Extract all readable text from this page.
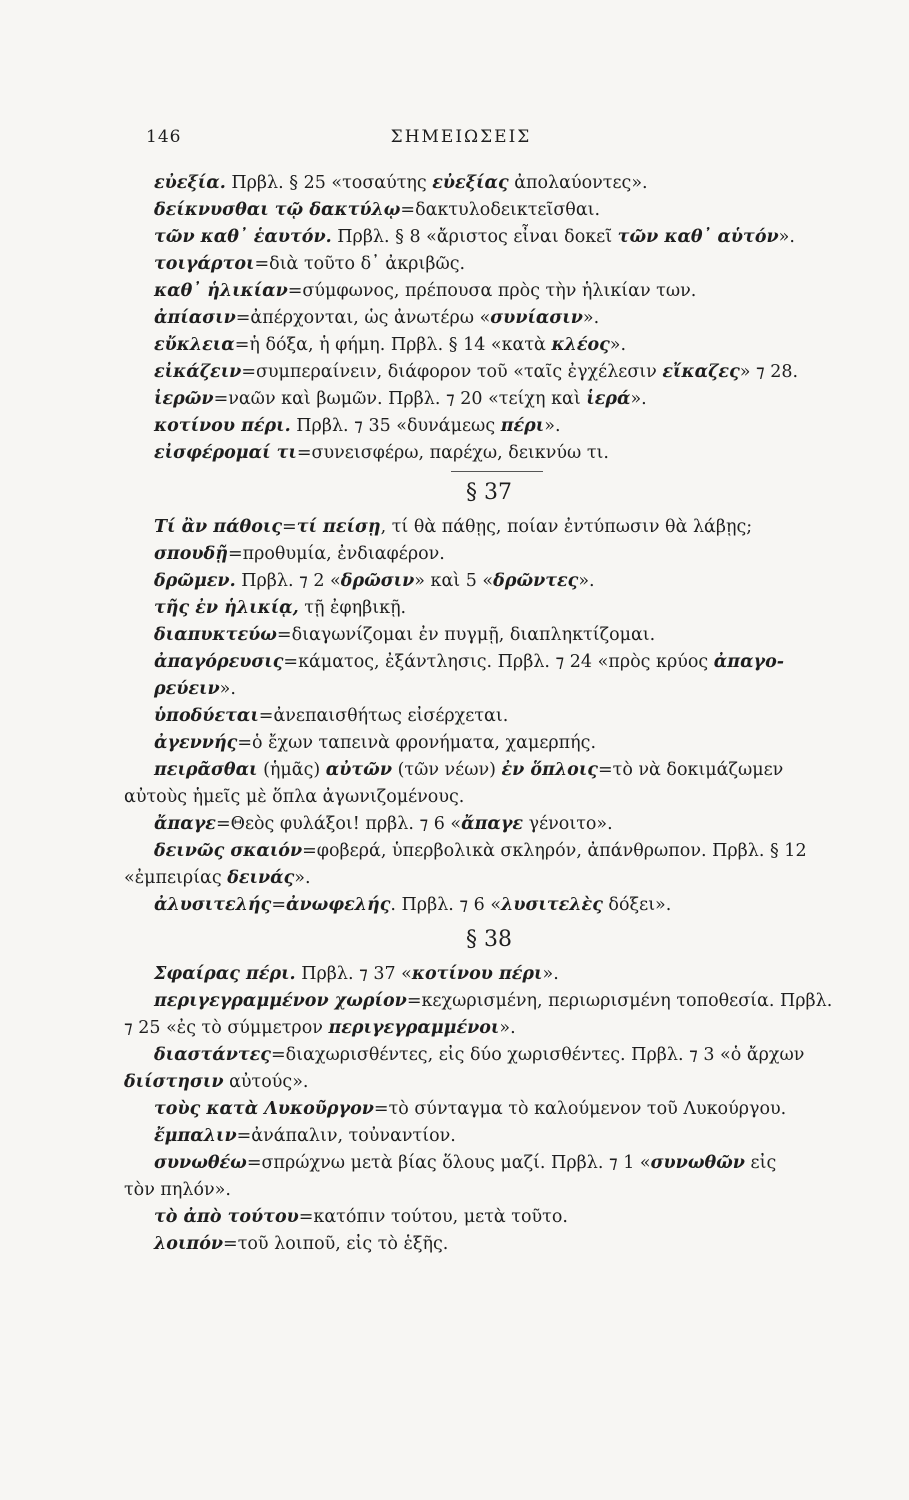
146	ΣΗΜΕΙΩΣΕΙΣ
εὐεξία. Πρβλ. § 25 «τοσαύτης εὐεξίας ἀπολαύοντες».
δείκνυσθαι τῷ δακτύλῳ=δακτυλοδεικτεῖσθαι.
τῶν καθ᾽ ἑαυτόν. Πρβλ. § 8 «ἄριστος εἶναι δοκεῖ τῶν καθ᾽ αὑτόν».
τοιγάρτοι=διὰ τοῦτο δ᾽ ἀκριβῶς.
καθ᾽ ἡλικίαν=σύμφωνος, πρέπουσα πρὸς τὴν ἡλικίαν των.
ἀπίασιν=ἀπέρχονται, ὡς ἀνωτέρω «συνίασιν».
εὔκλεια=ἡ δόξα, ἡ φήμη. Πρβλ. § 14 «κατὰ κλέος».
εἰκάζειν=συμπεραίνειν, διάφορον τοῦ «ταῖς ἐγχέλεσιν εἴκαζες» ⁊ 28.
ἱερῶν=ναῶν καὶ βωμῶν. Πρβλ. ⁊ 20 «τείχη καὶ ἱερά».
κοτίνου πέρι. Πρβλ. ⁊ 35 «δυνάμεως πέρι».
εἰσφέρομαί τι=συνεισφέρω, παρέχω, δεικνύω τι.
§ 37
Τί ἂν πάθοις=τί πείσῃ, τί θὰ πάθῃς, ποίαν ἐντύπωσιν θὰ λάβῃς;
σπουδῇ=προθυμία, ἐνδιαφέρον.
δρῶμεν. Πρβλ. ⁊ 2 «δρῶσιν» καὶ 5 «δρῶντες».
τῆς ἐν ἡλικίᾳ, τῇ ἐφηβικῇ.
διαπυκτεύω=διαγωνίζομαι ἐν πυγμῇ, διαπληκτίζομαι.
ἀπαγόρευσις=κάματος, ἐξάντλησις. Πρβλ. ⁊ 24 «πρὸς κρύος ἀπαγο-
ρεύειν».
ὑποδύεται=ἀνεπαισθήτως εἰσέρχεται.
ἀγεννής=ὁ ἔχων ταπεινὰ φρονήματα, χαμερπής.
πειρᾶσθαι (ἡμᾶς) αὐτῶν (τῶν νέων) ἐν ὅπλοις=τὸ νὰ δοκιμάζωμεν
αὐτοὺς ἡμεῖς μὲ ὅπλα ἀγωνιζομένους.
ἄπαγε=Θεὸς φυλάξοι! πρβλ. ⁊ 6 «ἄπαγε γένοιτο».
δεινῶς σκαιόν=φοβερά, ὑπερβολικὰ σκληρόν, ἀπάνθρωπον. Πρβλ. § 12
«ἐμπειρίας δεινάς».
ἀλυσιτελής=ἀνωφελής. Πρβλ. ⁊ 6 «λυσιτελὲς δόξει».
§ 38
Σφαίρας πέρι. Πρβλ. ⁊ 37 «κοτίνου πέρι».
περιγεγραμμένον χωρίον=κεχωρισμένη, περιωρισμένη τοποθεσία. Πρβλ.
⁊ 25 «ἐς τὸ σύμμετρον περιγεγραμμένοι».
διαστάντες=διαχωρισθέντες, εἰς δύο χωρισθέντες. Πρβλ. ⁊ 3 «ὁ ἄρχων
διίστησιν αὐτούς».
τοὺς κατὰ Λυκοῦργον=τὸ σύνταγμα τὸ καλούμενον τοῦ Λυκούργου.
ἔμπαλιν=ἀνάπαλιν, τοὐναντίον.
συνωθέω=σπρώχνω μετὰ βίας ὅλους μαζί. Πρβλ. ⁊ 1 «συνωθῶν εἰς
τὸν πηλόν».
τὸ ἀπὸ τούτου=κατόπιν τούτου, μετὰ τοῦτο.
λοιπόν=τοῦ λοιποῦ, εἰς τὸ ἑξῆς.
